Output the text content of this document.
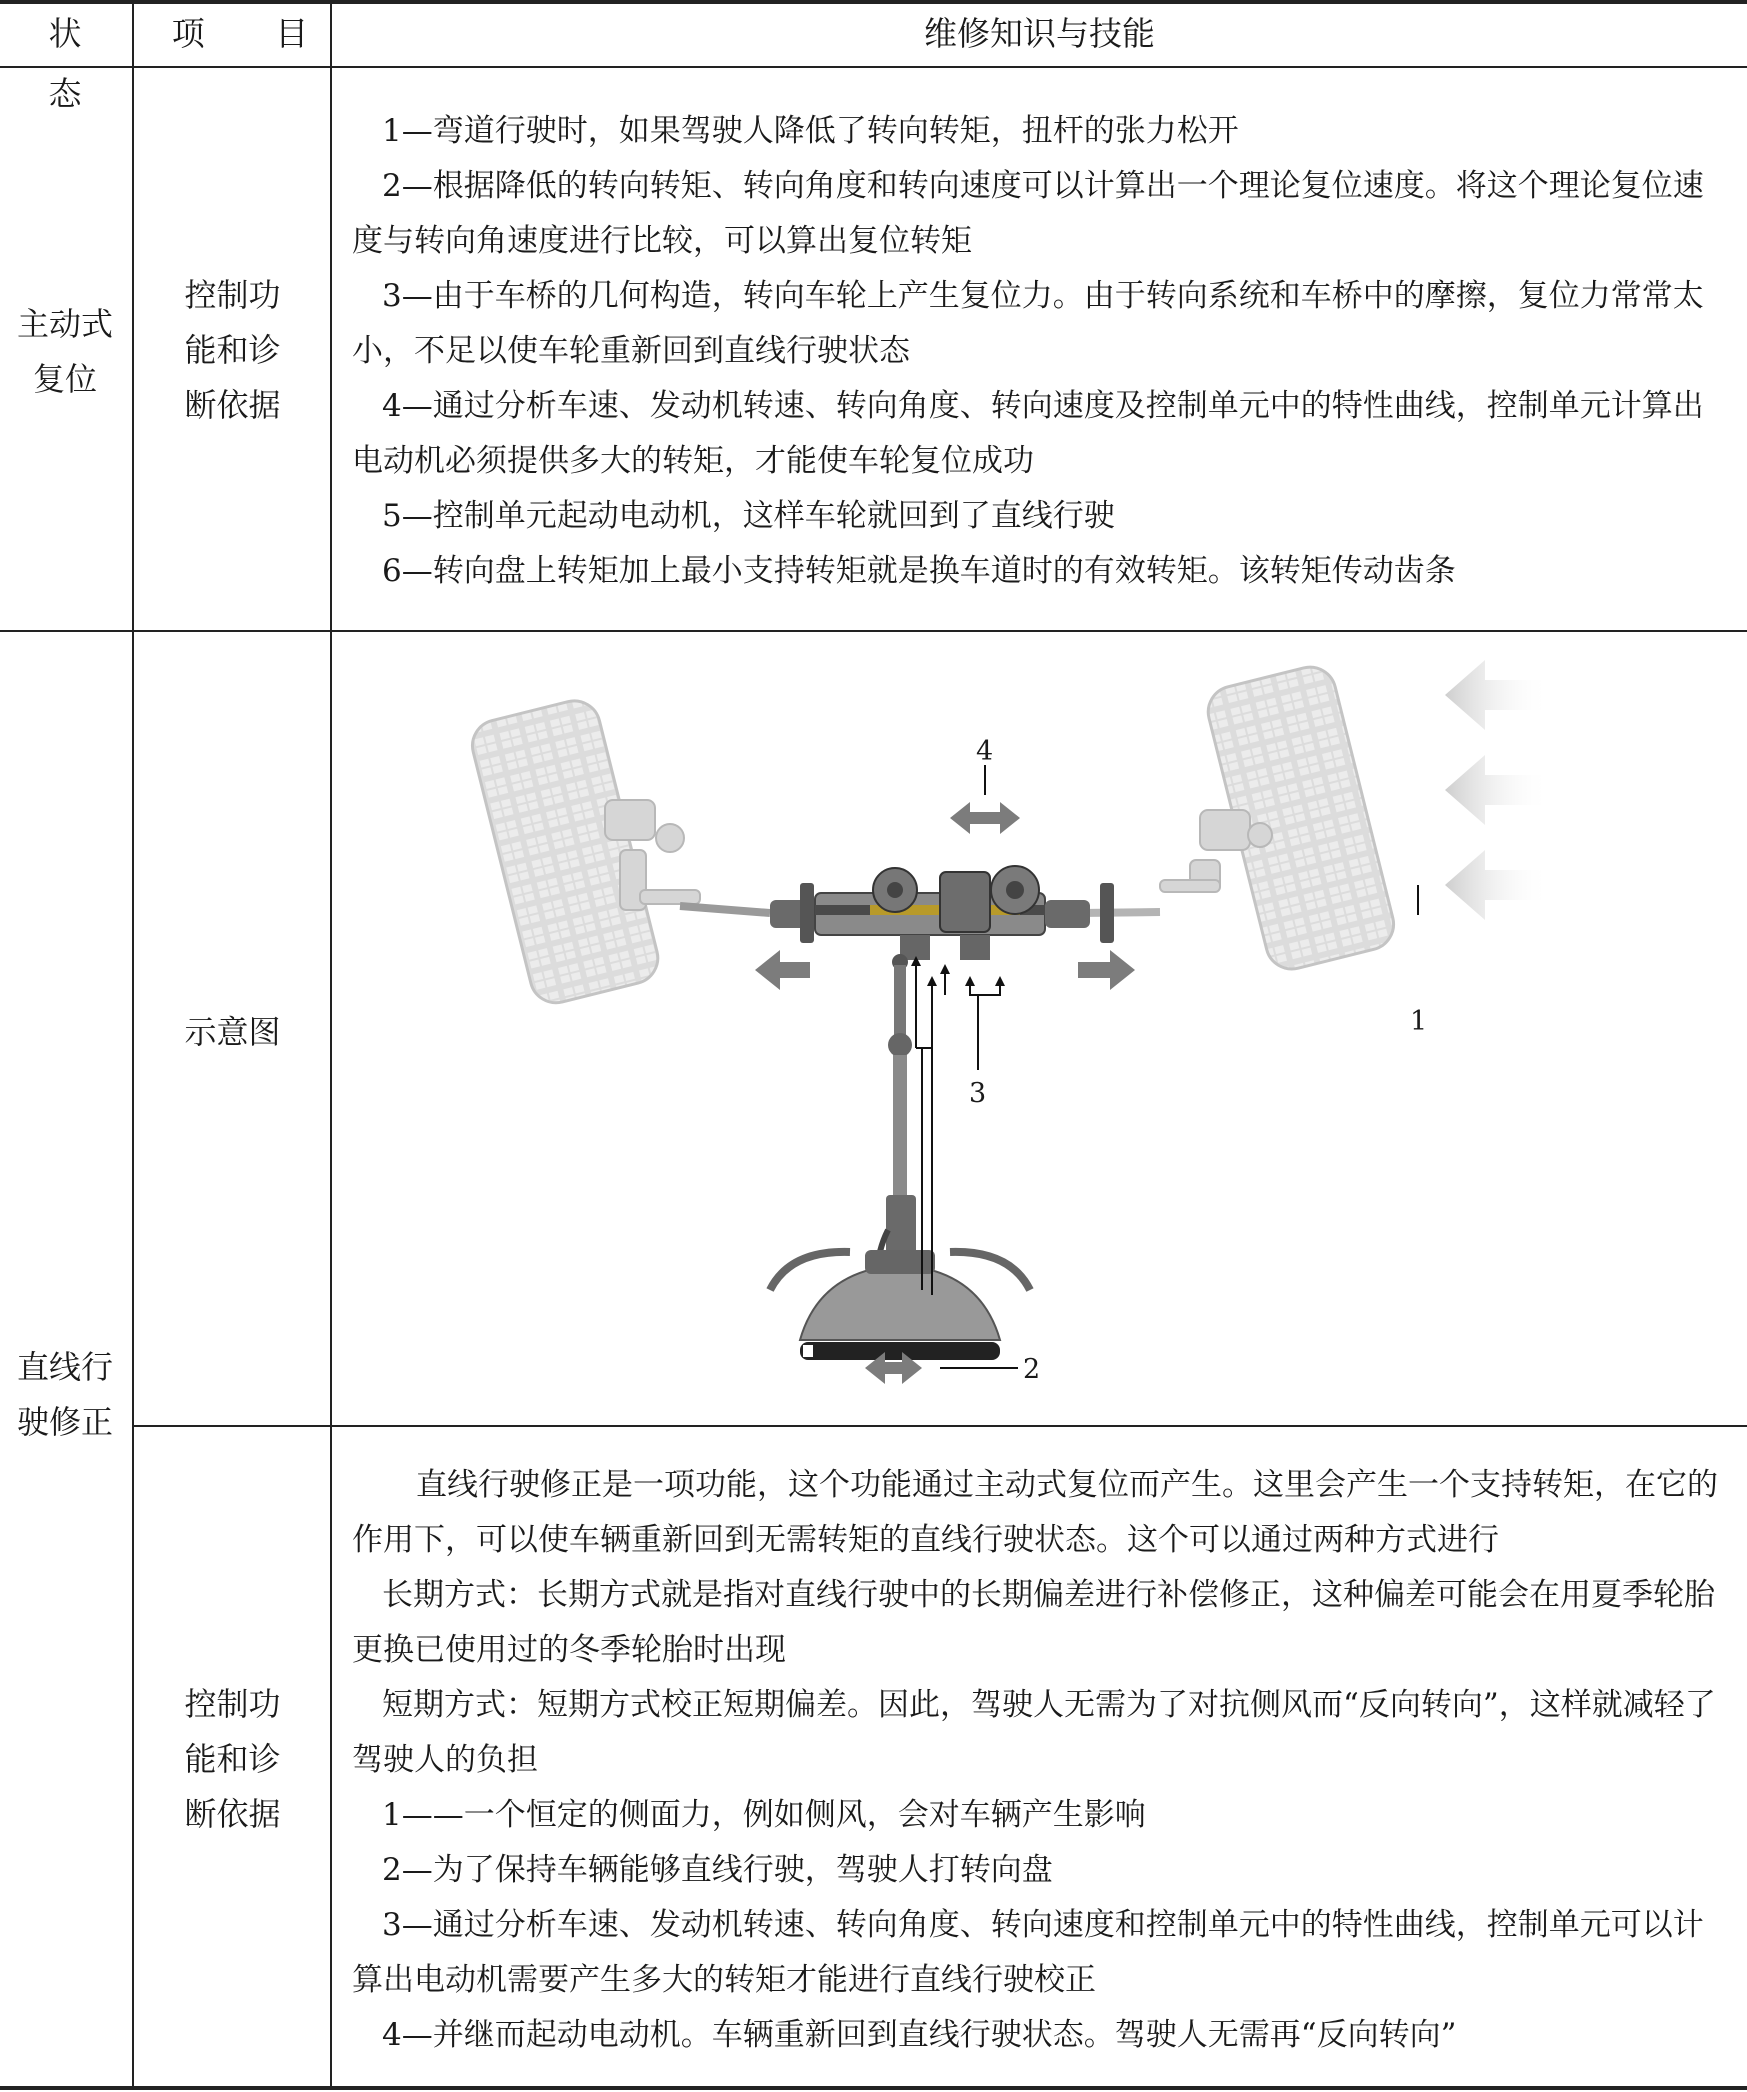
状 态
项 目	维修知识与技能
主动式
复位
控制功
能和诊
断依据

1—弯道行驶时，如果驾驶人降低了转向转矩，扭杆的张力松开

2—根据降低的转向转矩、转向角度和转向速度可以计算出一个理论复位速度。将这个理论复位速度与转向角速度进行比较，可以算出复位转矩

3—由于车桥的几何构造，转向车轮上产生复位力。由于转向系统和车桥中的摩擦，复位力常常太小，不足以使车轮重新回到直线行驶状态

4—通过分析车速、发动机转速、转向角度、转向速度及控制单元中的特性曲线，控制单元计算出电动机必须提供多大的转矩，才能使车轮复位成功

5—控制单元起动电动机，这样车轮就回到了直线行驶

6—转向盘上转矩加上最小支持转矩就是换车道时的有效转矩。该转矩传动齿条

直线行
驶修正
示意图
4
3
1
2
控制功
能和诊
断依据

直线行驶修正是一项功能，这个功能通过主动式复位而产生。这里会产生一个支持转矩，在它的作用下，可以使车辆重新回到无需转矩的直线行驶状态。这个可以通过两种方式进行

长期方式：长期方式就是指对直线行驶中的长期偏差进行补偿修正，这种偏差可能会在用夏季轮胎更换已使用过的冬季轮胎时出现

短期方式：短期方式校正短期偏差。因此，驾驶人无需为了对抗侧风而“反向转向”，这样就减轻了驾驶人的负担

1——一个恒定的侧面力，例如侧风，会对车辆产生影响

2—为了保持车辆能够直线行驶，驾驶人打转向盘

3—通过分析车速、发动机转速、转向角度、转向速度和控制单元中的特性曲线，控制单元可以计算出电动机需要产生多大的转矩才能进行直线行驶校正

4—并继而起动电动机。车辆重新回到直线行驶状态。驾驶人无需再“反向转向”
